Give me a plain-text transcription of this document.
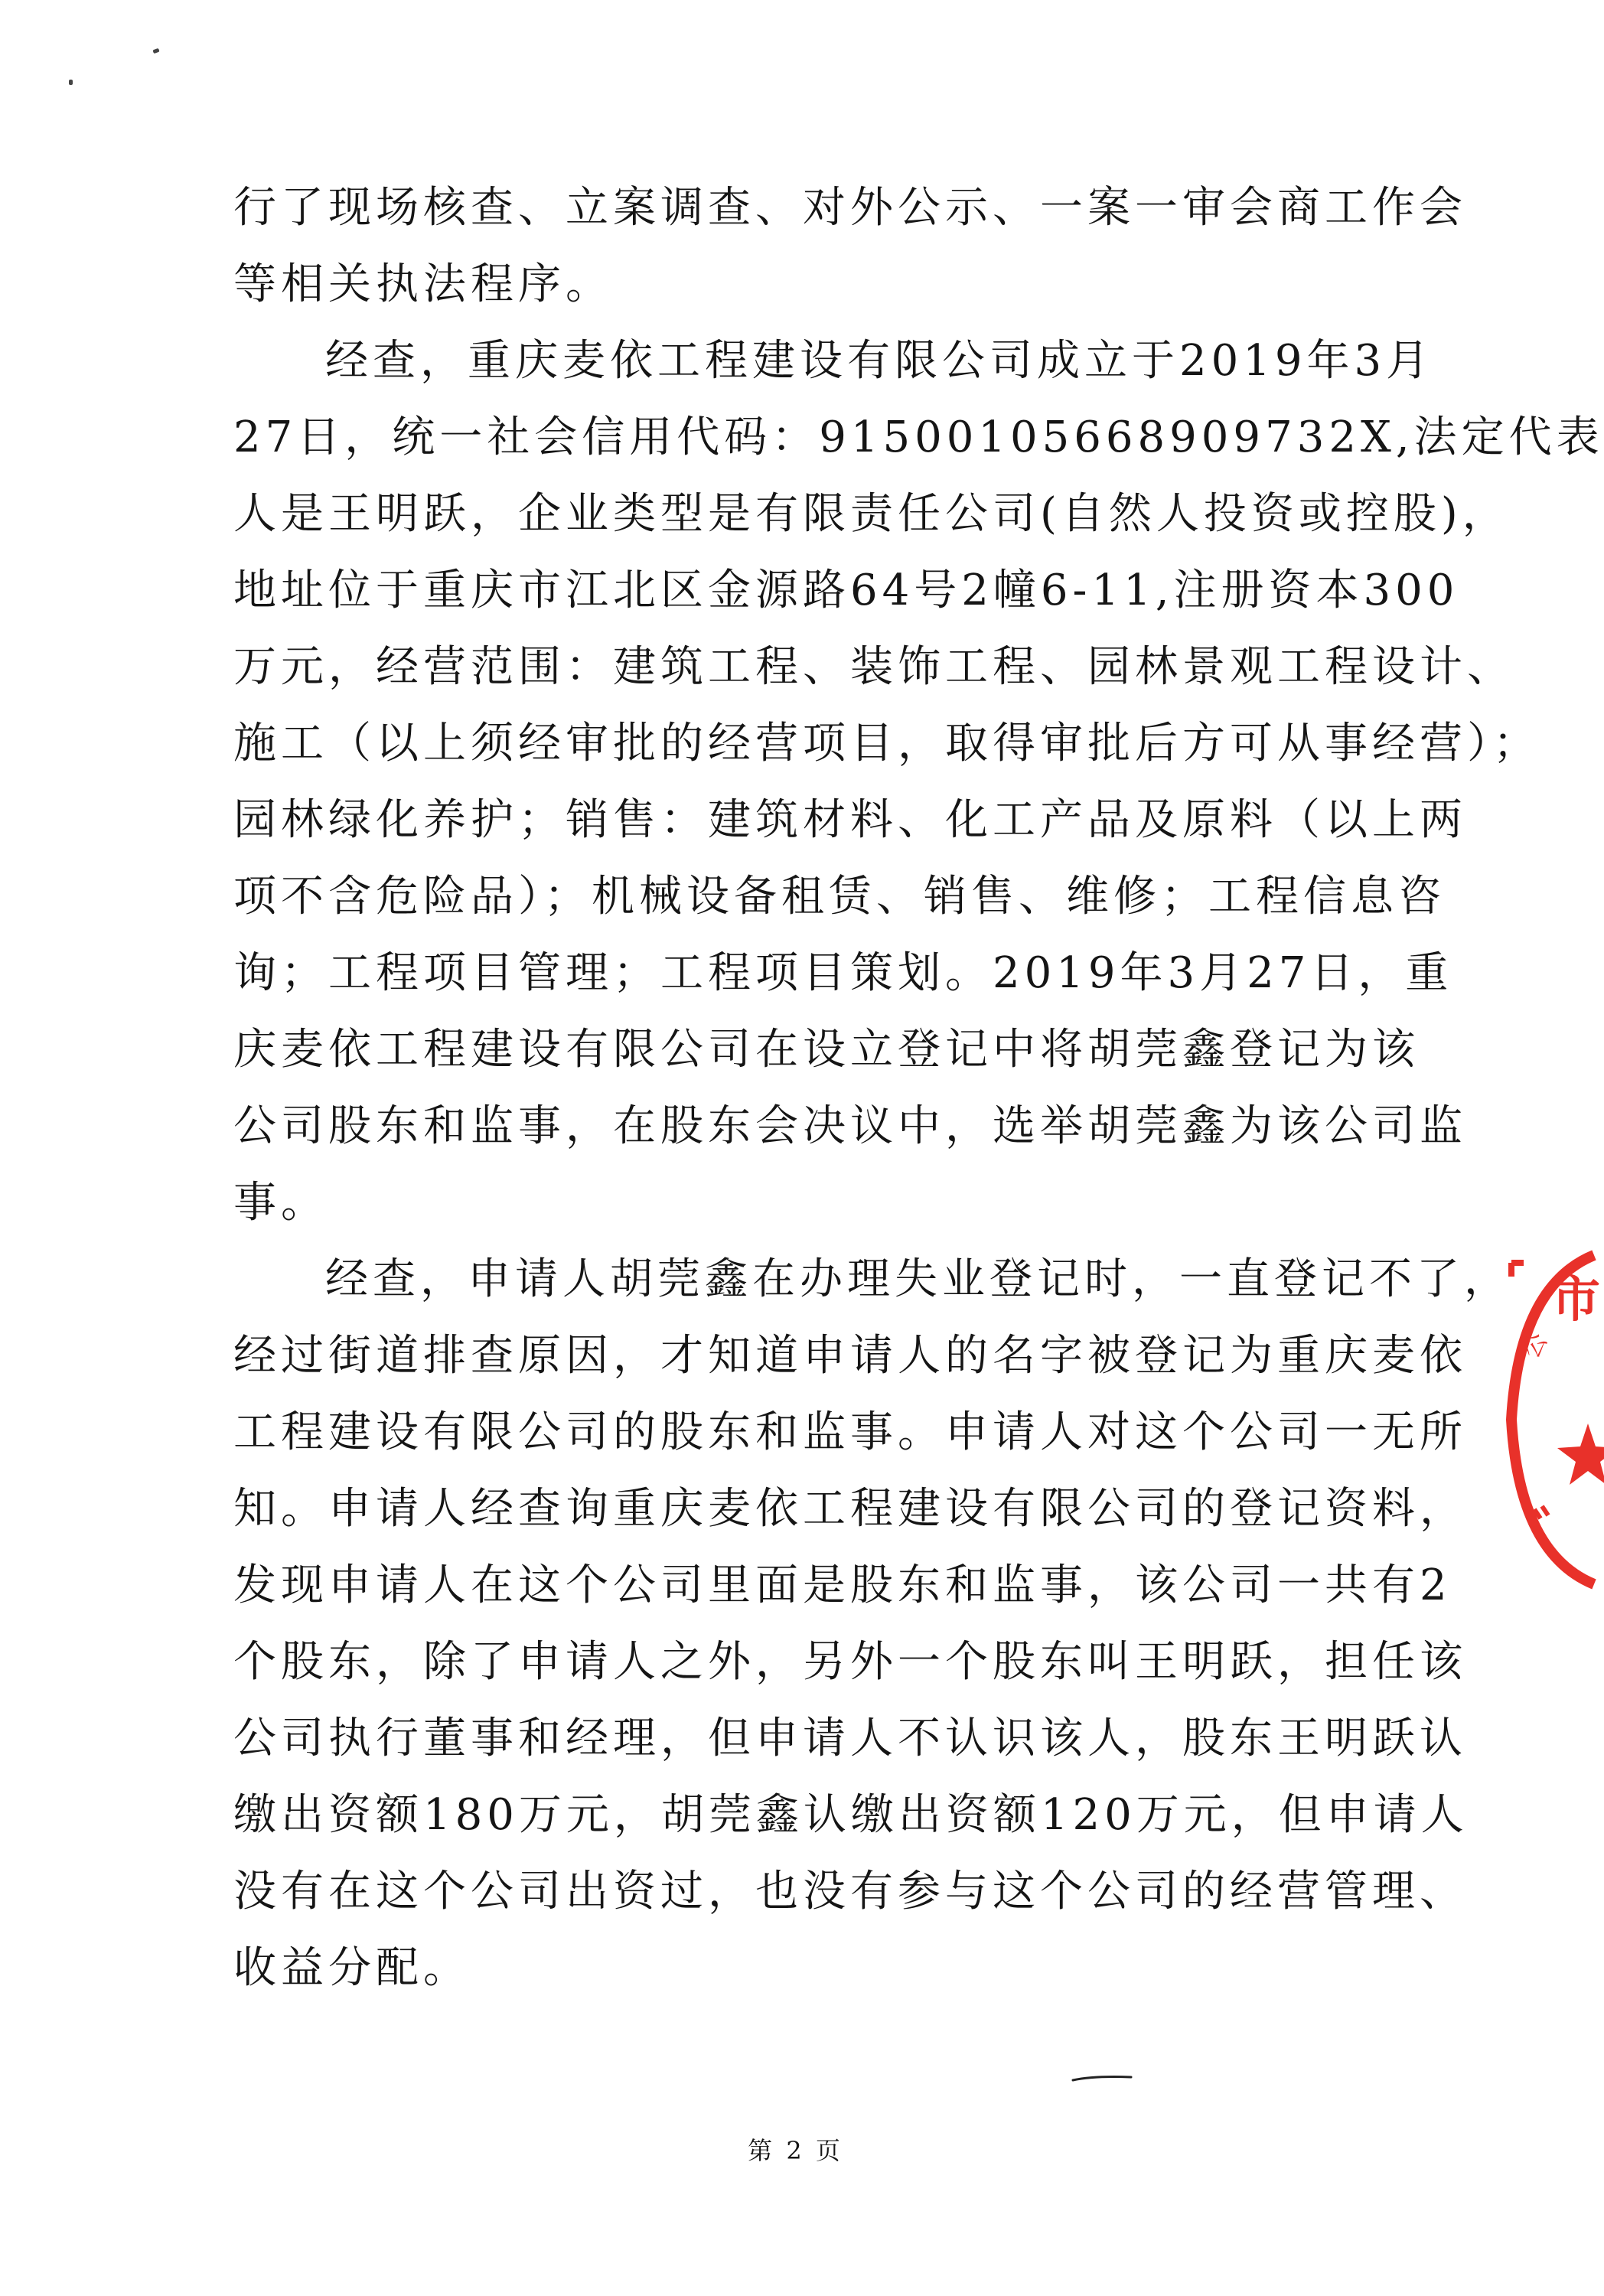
行了现场核查、立案调查、对外公示、一案一审会商工作会
等相关执法程序。
经查，重庆麦依工程建设有限公司成立于2019年3月
27日，统一社会信用代码：91500105668909732X,法定代表
人是王明跃，企业类型是有限责任公司(自然人投资或控股)，
地址位于重庆市江北区金源路64号2幢6-11,注册资本300
万元，经营范围：建筑工程、装饰工程、园林景观工程设计、
施工（以上须经审批的经营项目，取得审批后方可从事经营）；
园林绿化养护；销售：建筑材料、化工产品及原料（以上两
项不含危险品）；机械设备租赁、销售、维修；工程信息咨
询；工程项目管理；工程项目策划。2019年3月27日，重
庆麦依工程建设有限公司在设立登记中将胡莞鑫登记为该
公司股东和监事，在股东会决议中，选举胡莞鑫为该公司监
事。
经查，申请人胡莞鑫在办理失业登记时，一直登记不了，
经过街道排查原因，才知道申请人的名字被登记为重庆麦依
工程建设有限公司的股东和监事。申请人对这个公司一无所
知。申请人经查询重庆麦依工程建设有限公司的登记资料，
发现申请人在这个公司里面是股东和监事，该公司一共有2
个股东，除了申请人之外，另外一个股东叫王明跃，担任该
公司执行董事和经理，但申请人不认识该人，股东王明跃认
缴出资额180万元，胡莞鑫认缴出资额120万元，但申请人
没有在这个公司出资过，也没有参与这个公司的经营管理、
收益分配。
市
公
第 2 页
